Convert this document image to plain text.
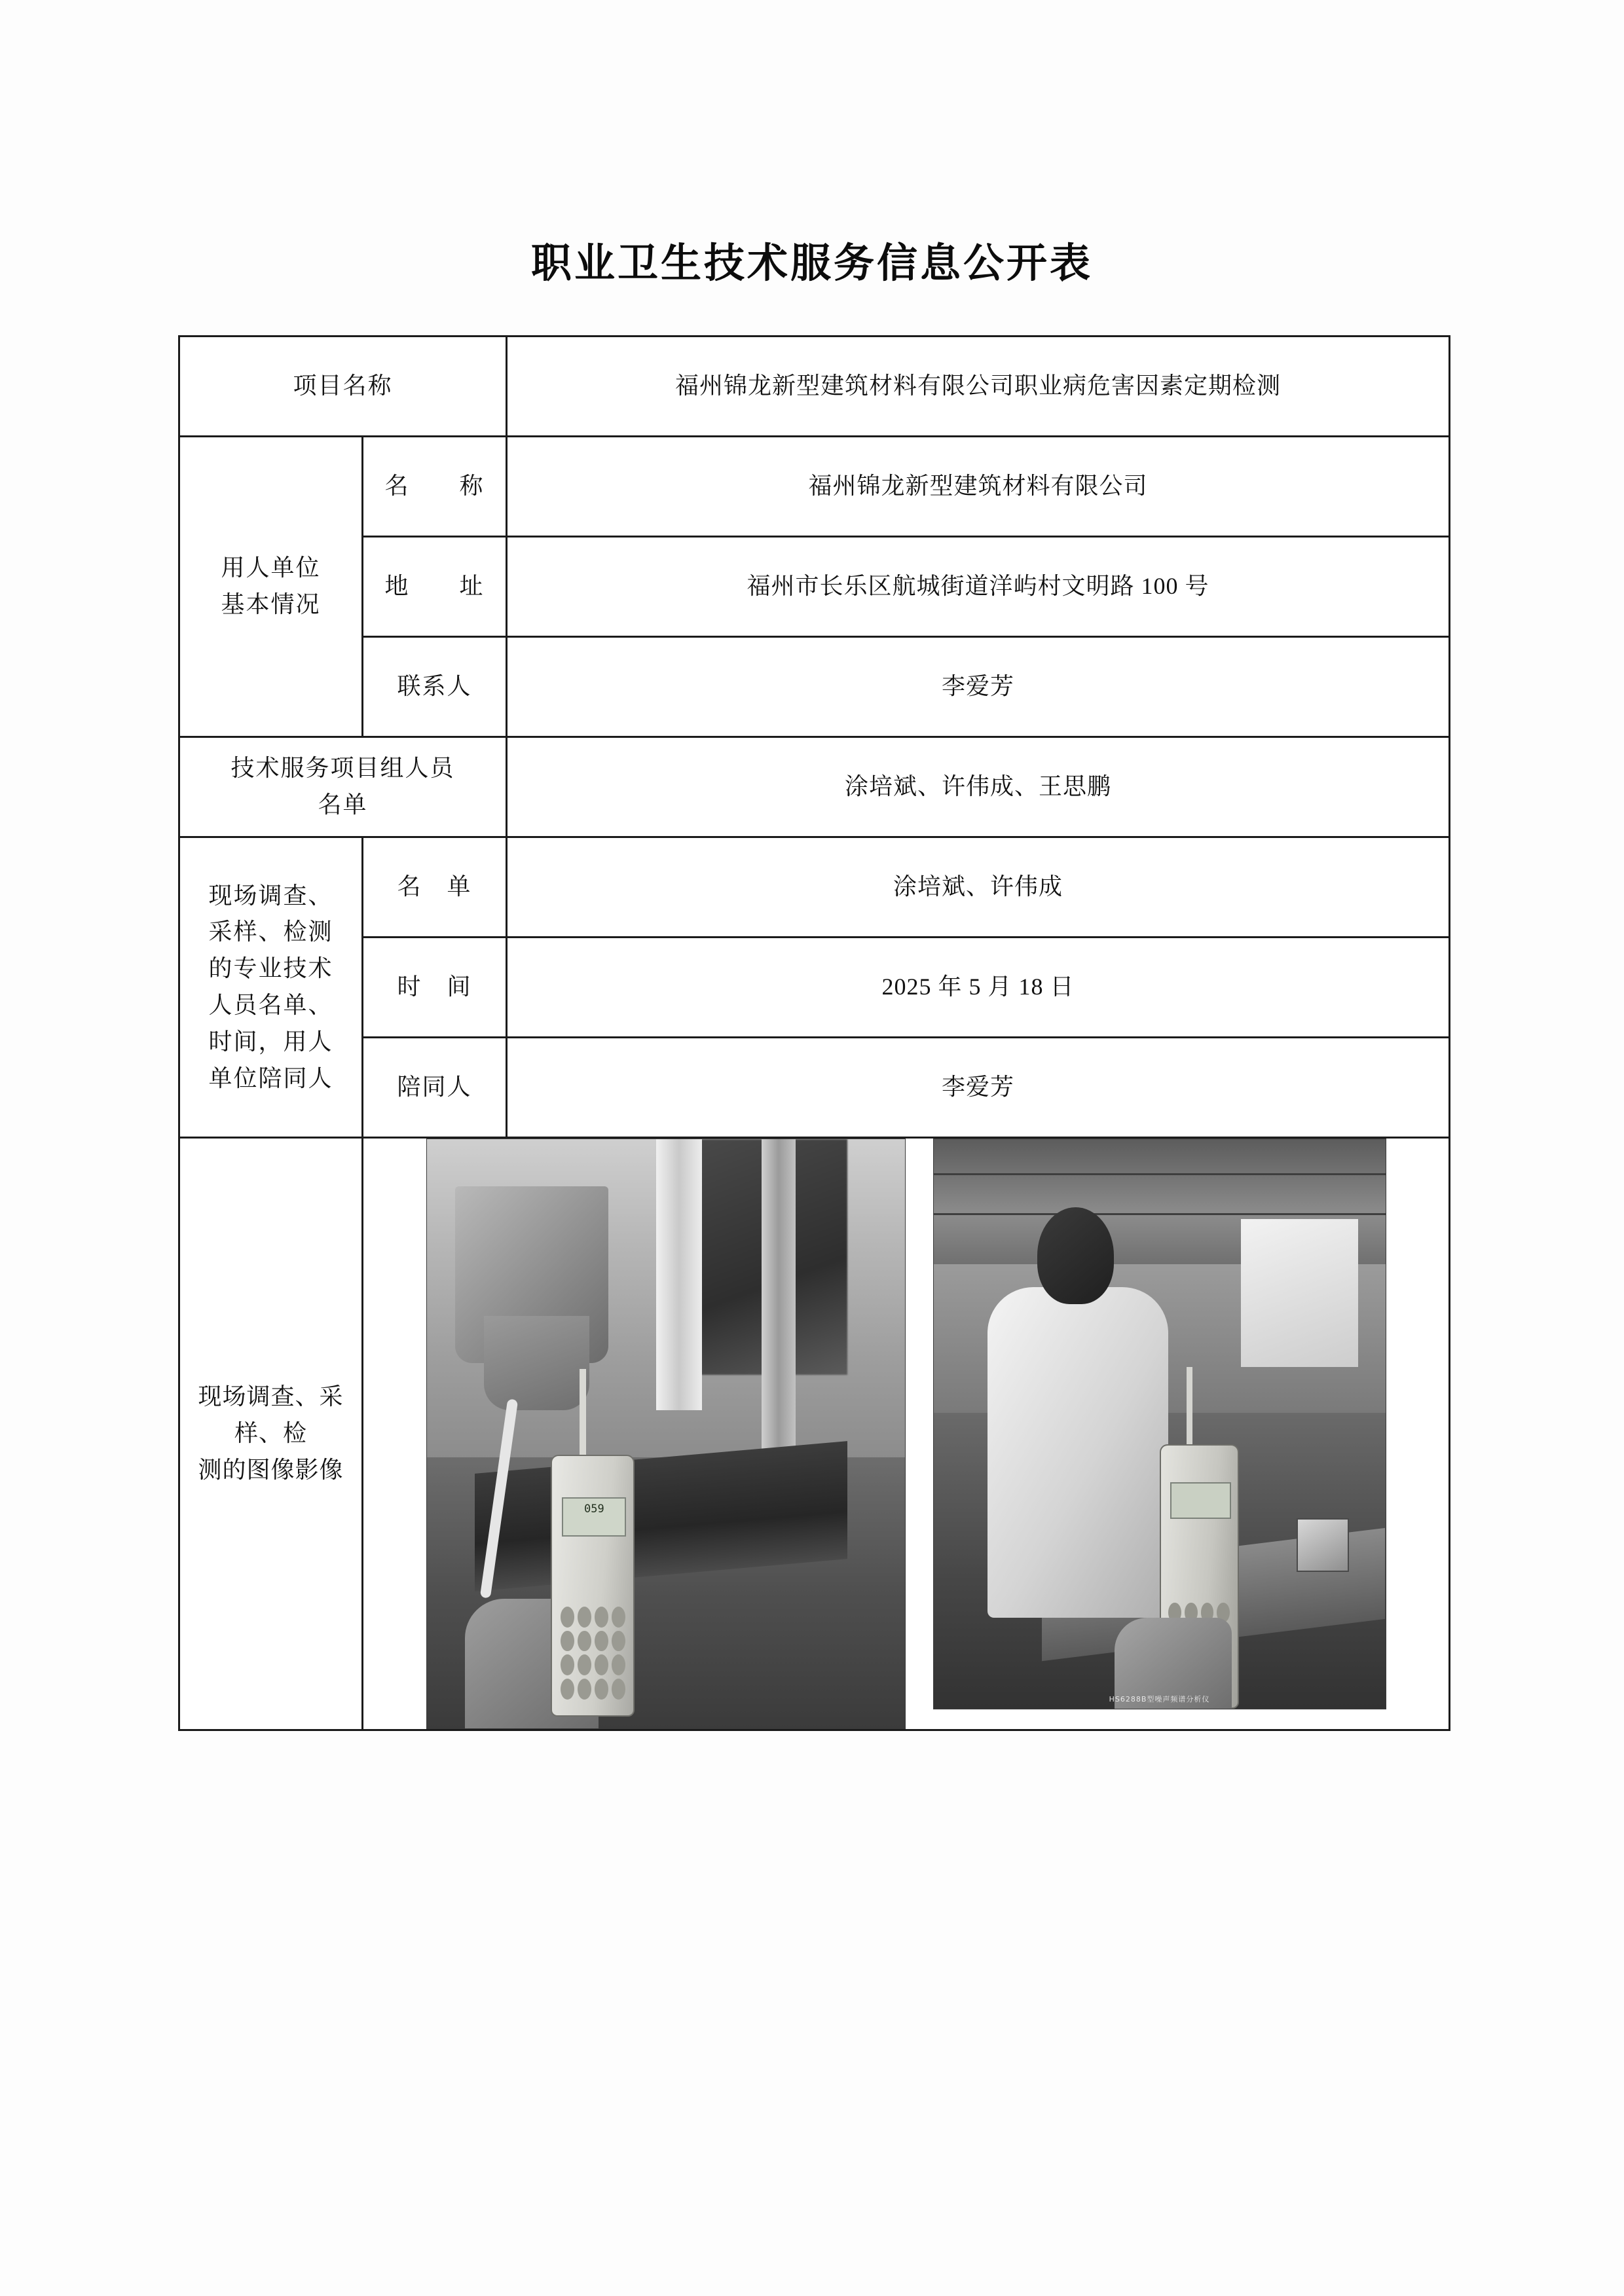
职业卫生技术服务信息公开表
项目名称		福州锦龙新型建筑材料有限公司职业病危害因素定期检测

用人单位
基本情况	名　　称	福州锦龙新型建筑材料有限公司
	地　　址	福州市长乐区航城街道洋屿村文明路 100 号
	联系人	李爱芳

技术服务项目组人员
名单		涂培斌、许伟成、王思鹏

现场调查、
采样、检测
的专业技术
人员名单、
时间，用人
单位陪同人
	名　单	涂培斌、许伟成
	时　间	2025 年 5 月 18 日
	陪同人	李爱芳

现场调查、采样、检
测的图像影像

059
HS6288B型噪声频谱分析仪
